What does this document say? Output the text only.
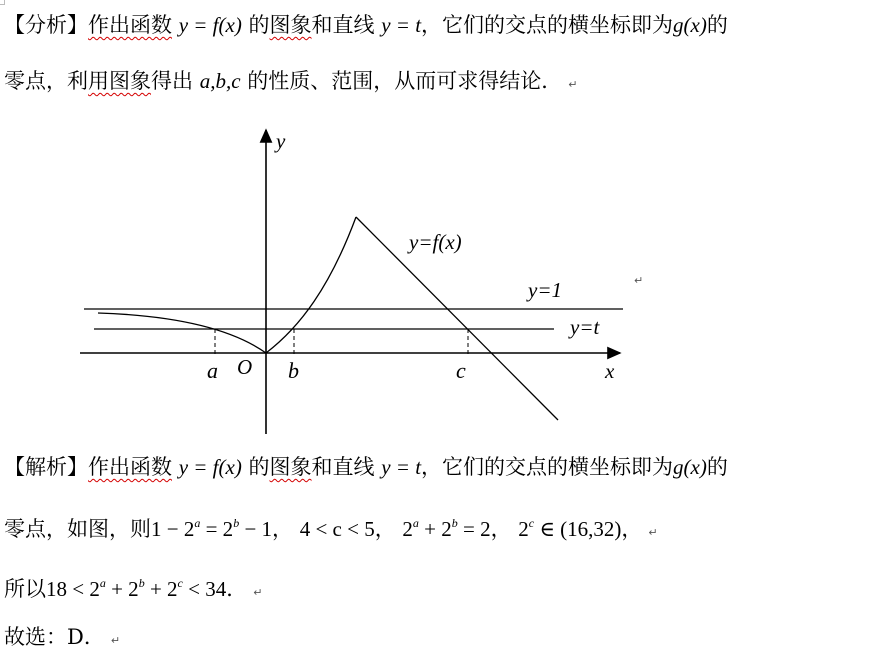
【分析】作出函数 y = f(x) 的图象和直线 y = t，它们的交点的横坐标即为g(x)的
零点，利用图象得出 a,b,c 的性质、范围，从而可求得结论． ↵
y
x
O
a	b	c
y=f(x)
y=1
y=t
↵
【解析】作出函数 y = f(x) 的图象和直线 y = t，它们的交点的横坐标即为g(x)的
零点，如图，则$1 - 2^a = 2^b - 1$， 4 < c < 5， $2^a + 2^b = 2$， 2$^c$ ∈ (16,32)， ↵
所以$18 < 2^a + 2^b + 2^c < 34$． ↵
故选：D． ↵
